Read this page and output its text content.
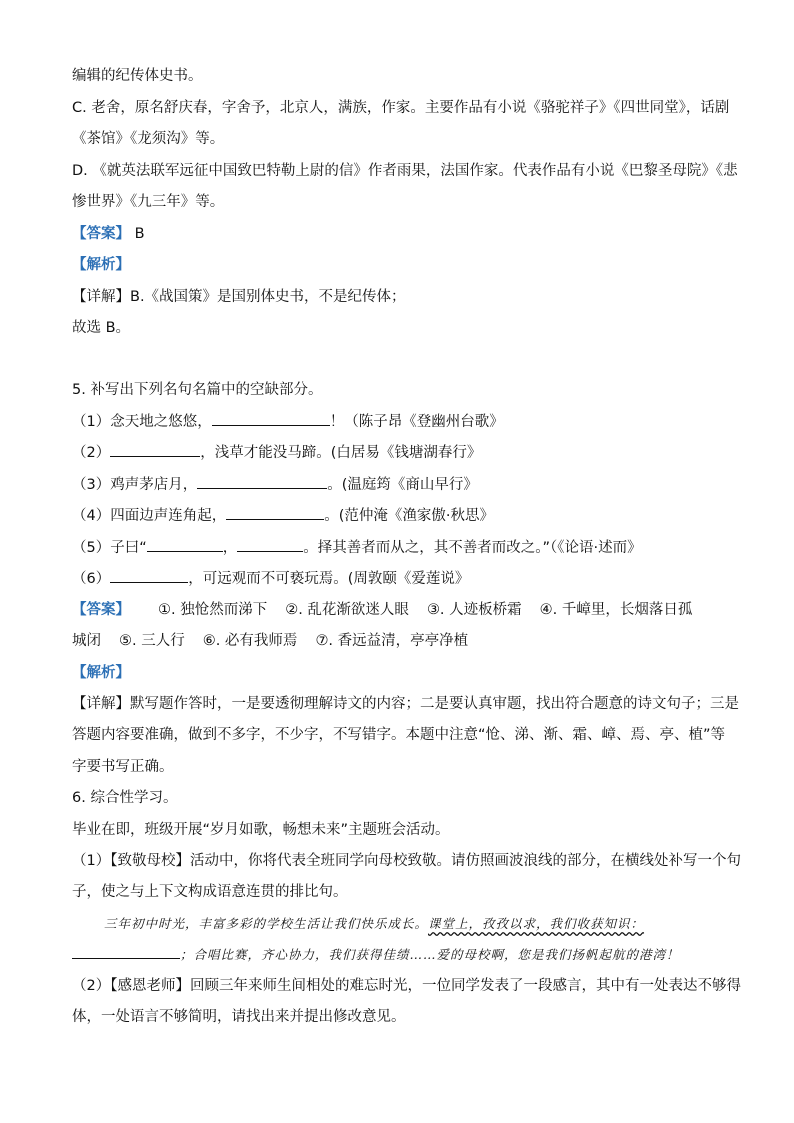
编辑的纪传体史书。
C. 老舍，原名舒庆春，字舍予，北京人，满族，作家。主要作品有小说《骆驼祥子》《四世同堂》，话剧
《茶馆》《龙须沟》等。
D. 《就英法联军远征中国致巴特勒上尉的信》作者雨果，法国作家。代表作品有小说《巴黎圣母院》《悲
惨世界》《九三年》等。
【答案】 B
【解析】
【详解】B.《战国策》是国别体史书，不是纪传体；
故选 B。
5. 补写出下列名句名篇中的空缺部分。
（1）念天地之悠悠，	！（陈子昂《登幽州台歌》
（2）	，浅草才能没马蹄。(白居易《钱塘湖春行》
（3）鸡声茅店月，	。(温庭筠《商山早行》
（4）四面边声连角起，	。(范仲淹《渔家傲·秋思》
（5）子曰“	，	。择其善者而从之，其不善者而改之。”（《论语·述而》
（6）	，可远观而不可亵玩焉。(周敦颐《爱莲说》
【答案】 ①. 独怆然而涕下 ②. 乱花渐欲迷人眼 ③. 人迹板桥霜 ④. 千嶂里，长烟落日孤
城闭 ⑤. 三人行 ⑥. 必有我师焉 ⑦. 香远益清，亭亭净植
【解析】
【详解】默写题作答时，一是要透彻理解诗文的内容；二是要认真审题，找出符合题意的诗文句子；三是
答题内容要准确，做到不多字，不少字，不写错字。本题中注意“怆、涕、渐、霜、嶂、焉、亭、植”等
字要书写正确。
6. 综合性学习。
毕业在即，班级开展“岁月如歌，畅想未来”主题班会活动。
（1）【致敬母校】活动中，你将代表全班同学向母校致敬。请仿照画波浪线的部分，在横线处补写一个句
子，使之与上下文构成语意连贯的排比句。
三年初中时光，丰富多彩的学校生活让我们快乐成长。课堂上，孜孜以求，我们收获知识：
；合唱比赛，齐心协力，我们获得佳绩……爱的母校啊，您是我们扬帆起航的港湾！
（2）【感恩老师】回顾三年来师生间相处的难忘时光，一位同学发表了一段感言，其中有一处表达不够得
体，一处语言不够简明，请找出来并提出修改意见。
